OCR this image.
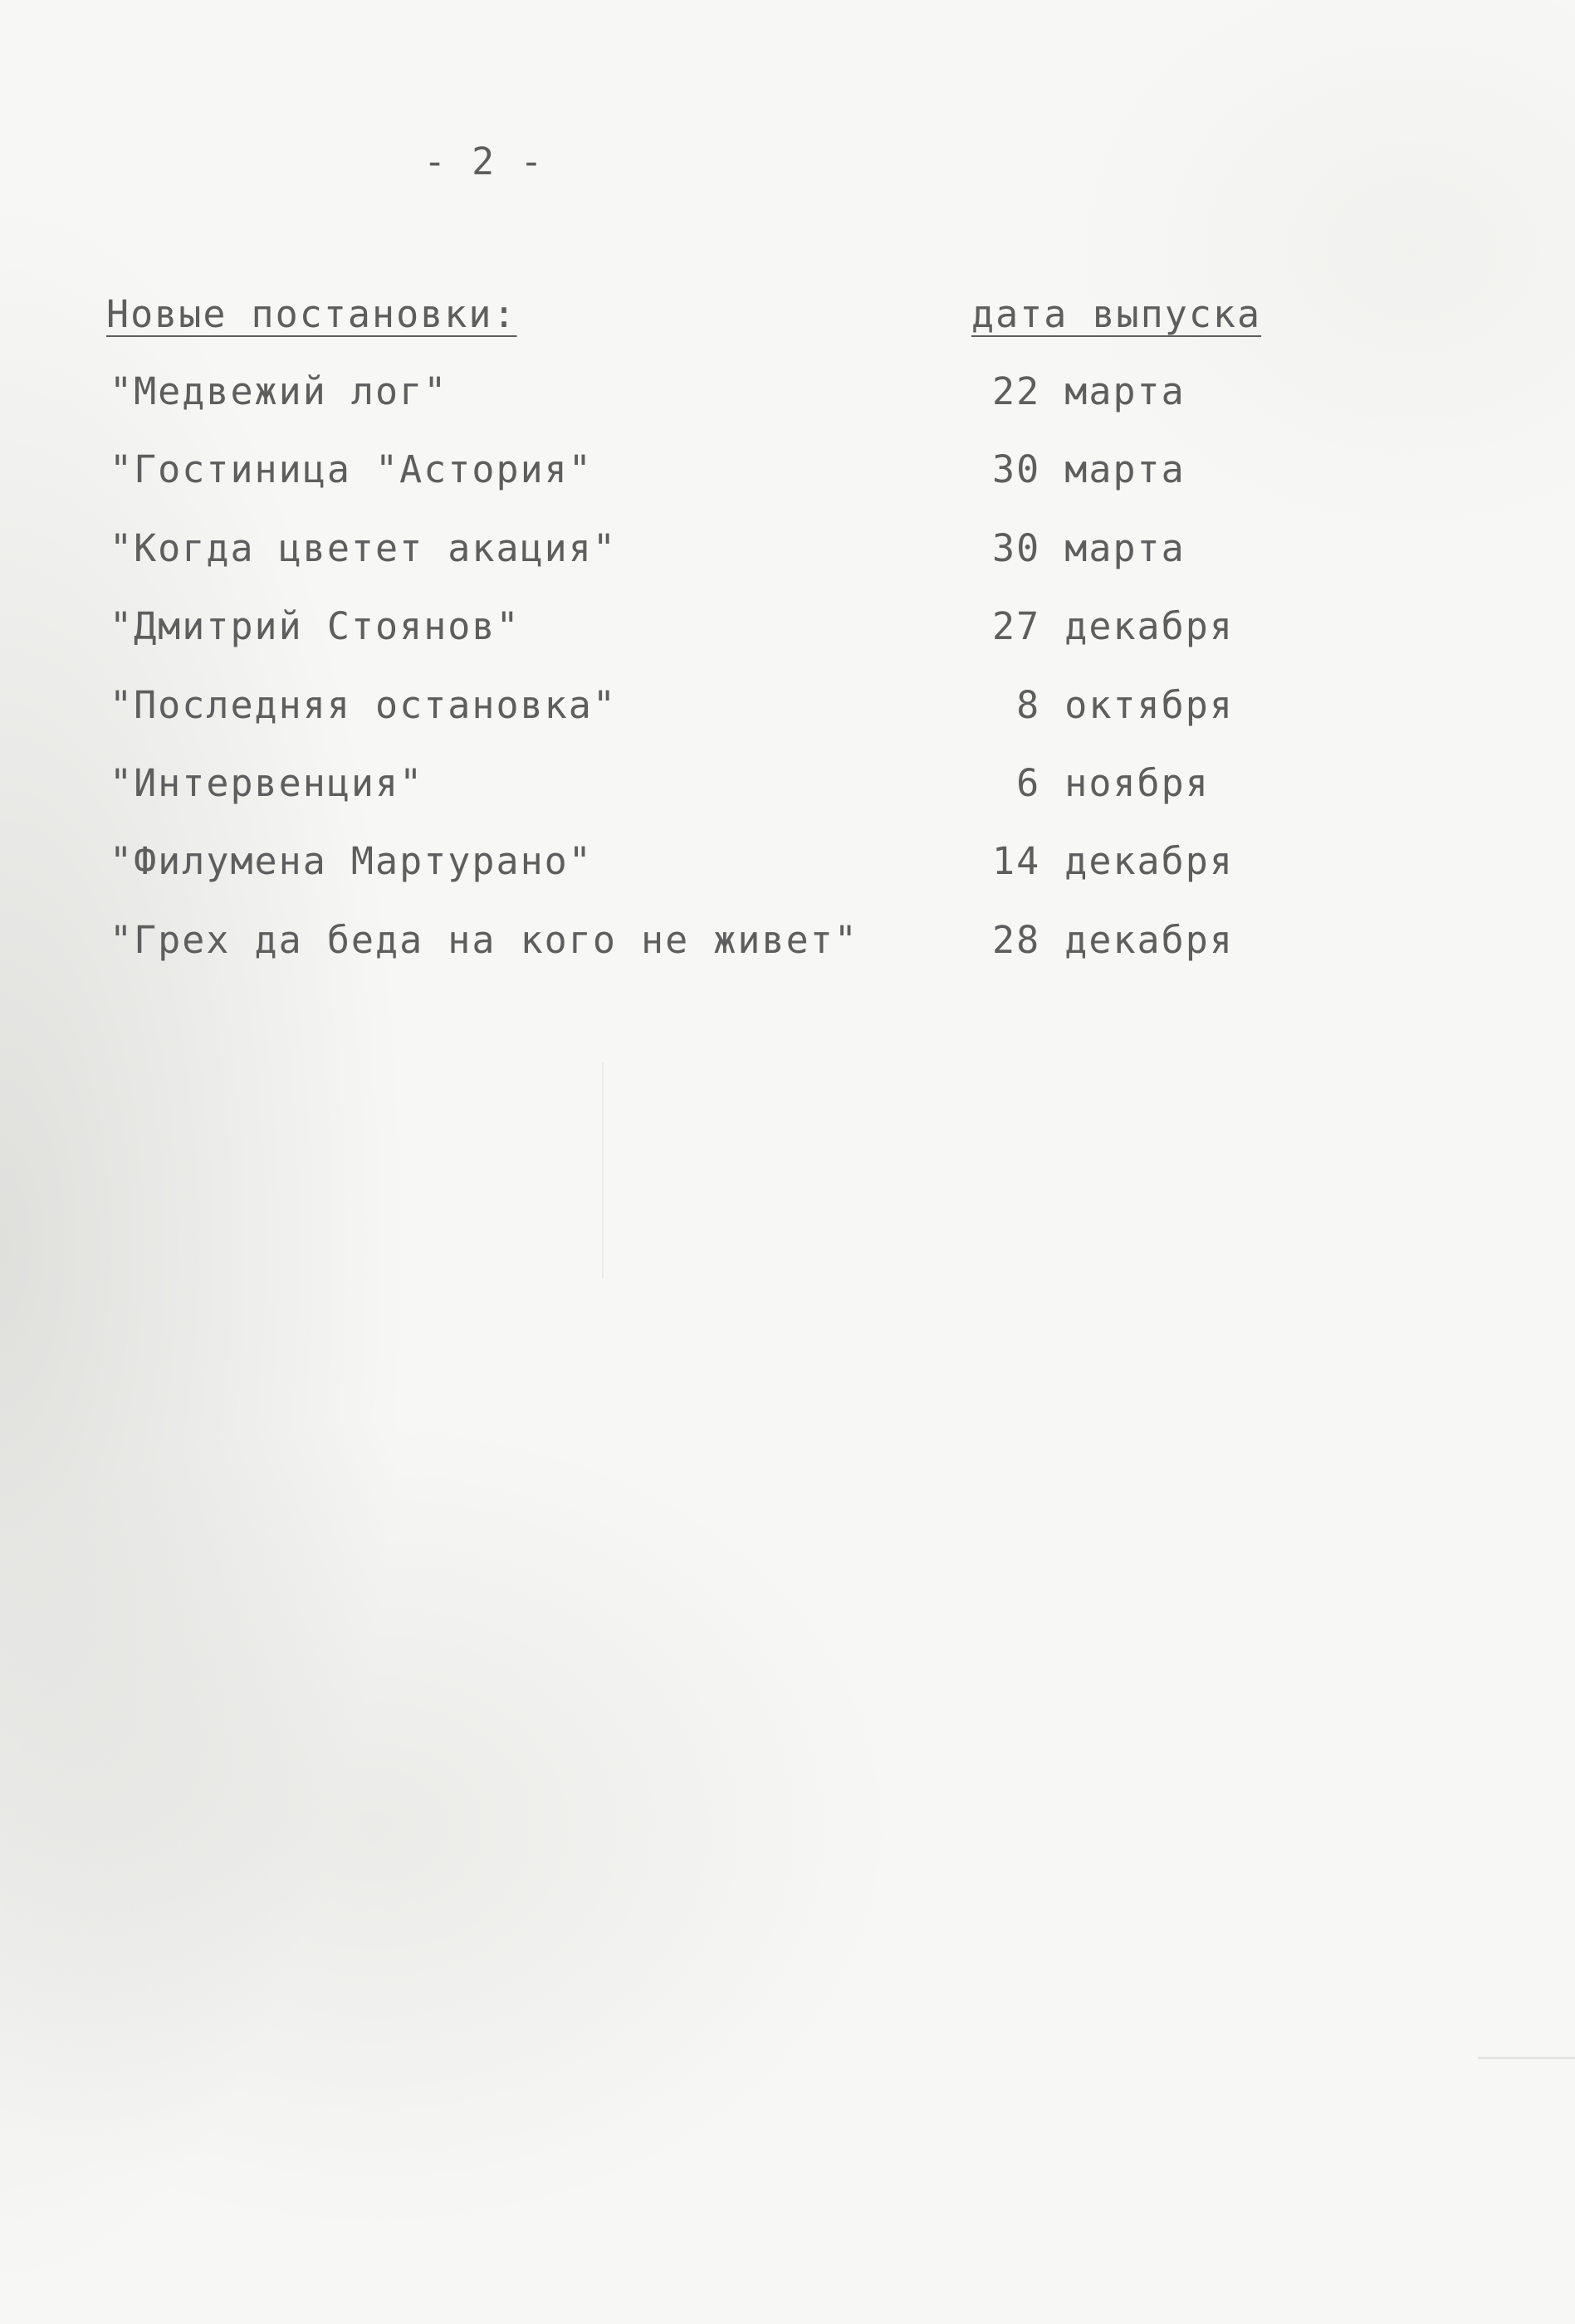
- 2 -
Новые постановки:	дата выпуска
"Медвежий лог"	22 марта
"Гостиница "Астория"	30 марта
"Когда цветет акация"	30 марта
"Дмитрий Стоянов"	27 декабря
"Последняя остановка"	8 октября
"Интервенция"	6 ноября
"Филумена Мартурано"	14 декабря
"Грех да беда на кого не живет"	28 декабря
